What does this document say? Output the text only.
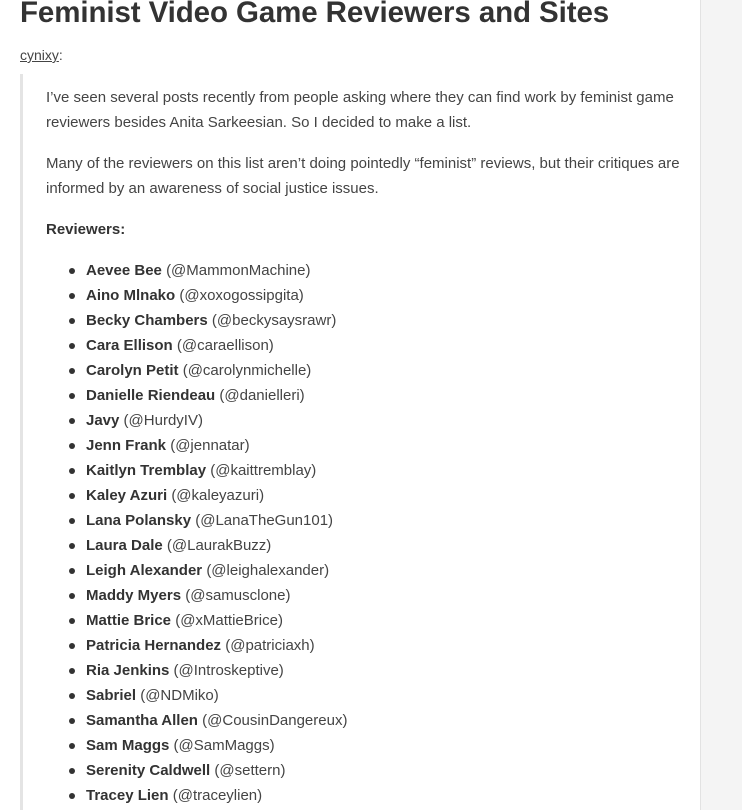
Feminist Video Game Reviewers and Sites
cynixy:

I’ve seen several posts recently from people asking where they can find work by feminist game reviewers besides Anita Sarkeesian. So I decided to make a list.

Many of the reviewers on this list aren’t doing pointedly “feminist” reviews, but their critiques are informed by an awareness of social justice issues.

Reviewers:
Aevee Bee (@MammonMachine)
Aino Mlnako (@xoxogossipgita)
Becky Chambers (@beckysaysrawr)
Cara Ellison (@caraellison)
Carolyn Petit (@carolynmichelle)
Danielle Riendeau (@danielleri)
Javy (@HurdyIV)
Jenn Frank (@jennatar)
Kaitlyn Tremblay (@kaittremblay)
Kaley Azuri (@kaleyazuri)
Lana Polansky (@LanaTheGun101)
Laura Dale (@LaurakBuzz)
Leigh Alexander (@leighalexander)
Maddy Myers (@samusclone)
Mattie Brice (@xMattieBrice)
Patricia Hernandez (@patriciaxh)
Ria Jenkins (@Introskeptive)
Sabriel (@NDMiko)
Samantha Allen (@CousinDangereux)
Sam Maggs (@SamMaggs)
Serenity Caldwell (@settern)
Tracey Lien (@traceylien)
